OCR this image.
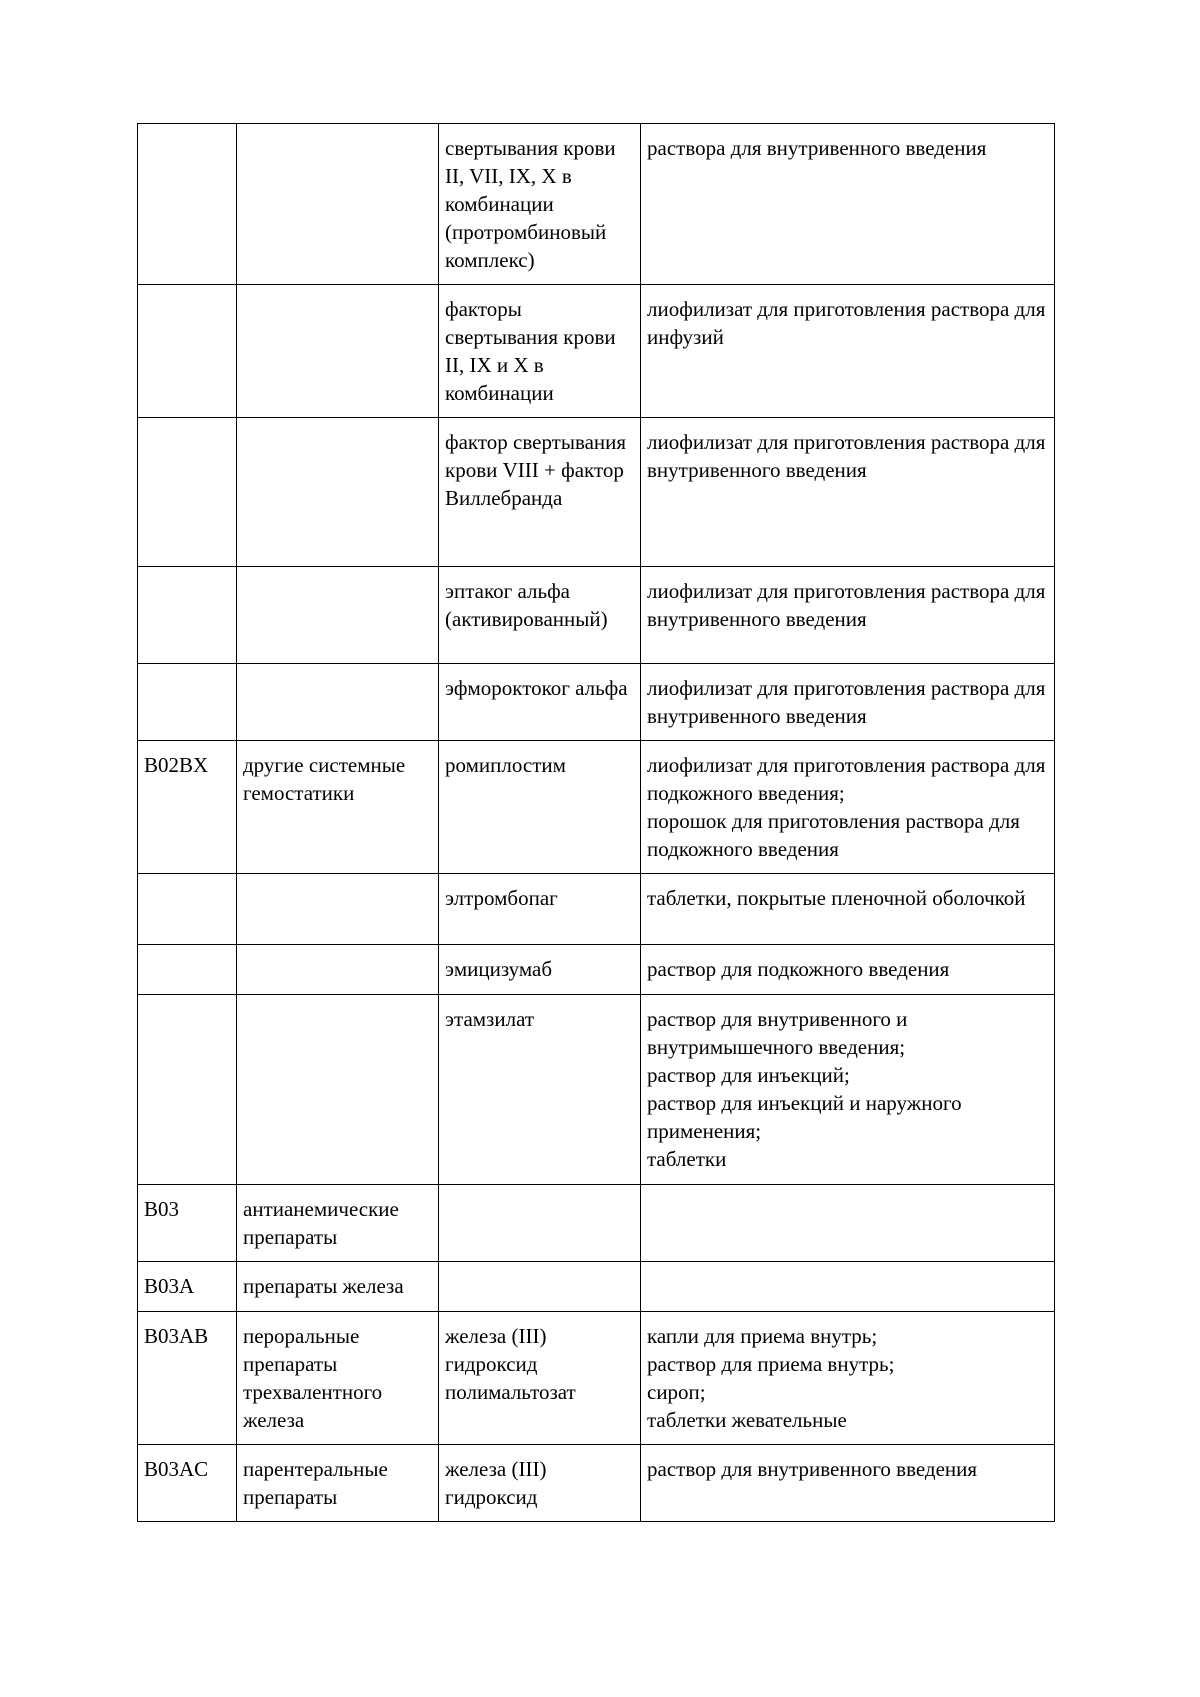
		свертывания крови II, VII, IX, X в комбинации (протромбиновый комплекс)	раствора для внутривенного введения

		факторы свертывания крови II, IX и X в комбинации	лиофилизат для приготовления раствора для инфузий

		фактор свертывания крови VIII + фактор Виллебранда	лиофилизат для приготовления раствора для внутривенного введения

		эптаког альфа (активированный)	лиофилизат для приготовления раствора для внутривенного введения

		эфмороктоког альфа	лиофилизат для приготовления раствора для внутривенного введения

B02BX	другие системные гемостатики	ромиплостим	лиофилизат для приготовления раствора для подкожного введения;
порошок для приготовления раствора для подкожного введения

		элтромбопаг	таблетки, покрытые пленочной оболочкой

		эмицизумаб	раствор для подкожного введения

		этамзилат	раствор для внутривенного и внутримышечного введения;
раствор для инъекций;
раствор для инъекций и наружного применения;
таблетки

B03	антианемические препараты		
B03A	препараты железа		
B03AB	пероральные препараты трехвалентного железа	железа (III) гидроксид полимальтозат	капли для приема внутрь;
раствор для приема внутрь;
сироп;
таблетки жевательные

B03AC	парентеральные препараты	железа (III) гидроксид	раствор для внутривенного введения
